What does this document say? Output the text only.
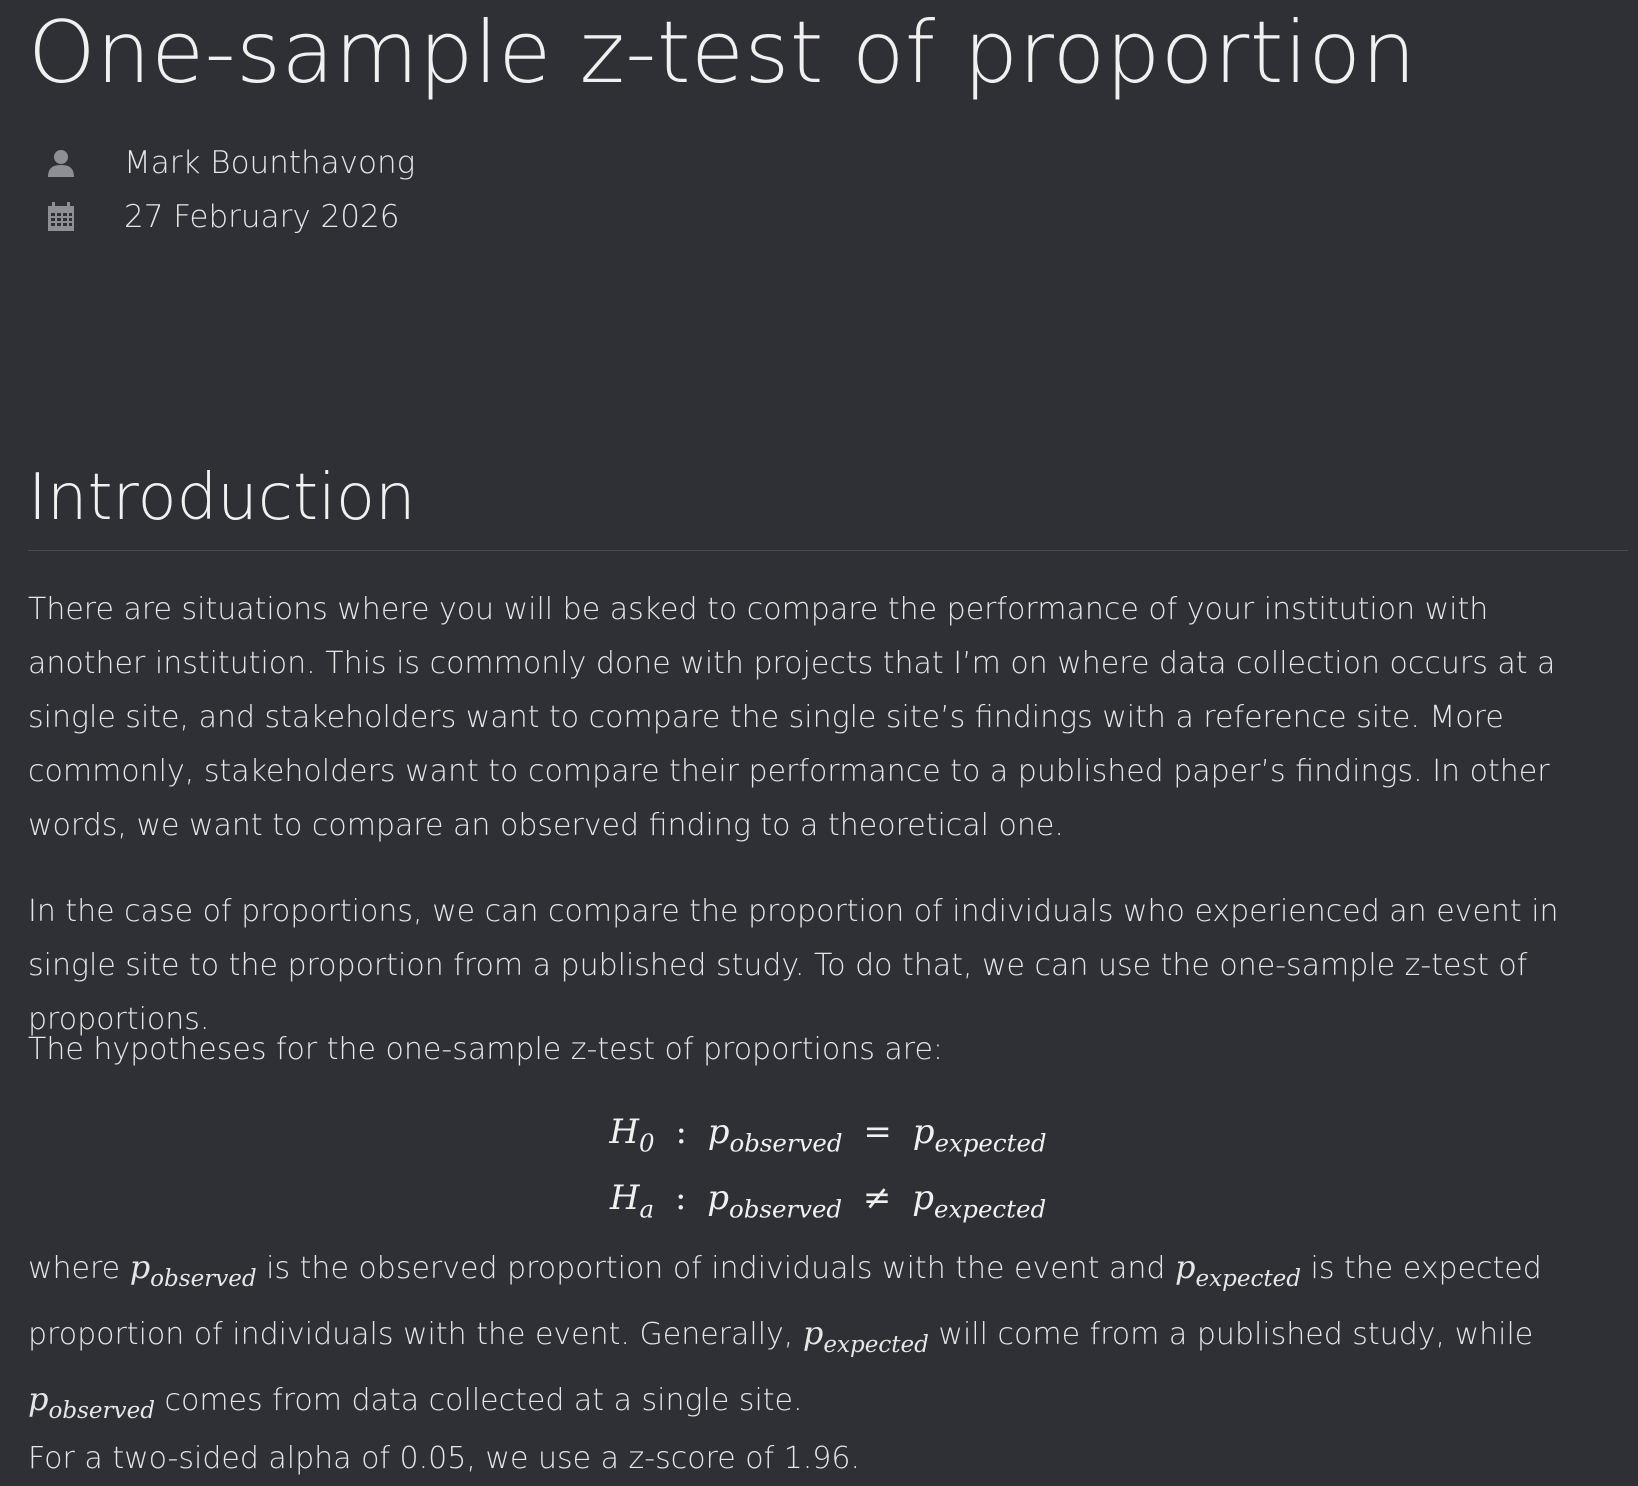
One-sample z-test of proportion
Mark Bounthavong
27 February 2026
Introduction

There are situations where you will be asked to compare the performance of your institution with another institution. This is commonly done with projects that I’m on where data collection occurs at a single site, and stakeholders want to compare the single site’s findings with a reference site. More commonly, stakeholders want to compare their performance to a published paper’s findings. In other words, we want to compare an observed finding to a theoretical one.

In the case of proportions, we can compare the proportion of individuals who experienced an event in single site to the proportion from a published study. To do that, we can use the one-sample z-test of proportions.

The hypotheses for the one-sample z-test of proportions are:

$H_0$ : $p_{observed} = p_{expected}$
$H_a$ : $p_{observed} \ne p_{expected}$

where $p_{observed}$ is the observed proportion of individuals with the event and $p_{expected}$ is the expected proportion of individuals with the event. Generally, $p_{expected}$ will come from a published study, while $p_{observed}$ comes from data collected at a single site.

For a two-sided alpha of 0.05, we use a z-score of 1.96.
